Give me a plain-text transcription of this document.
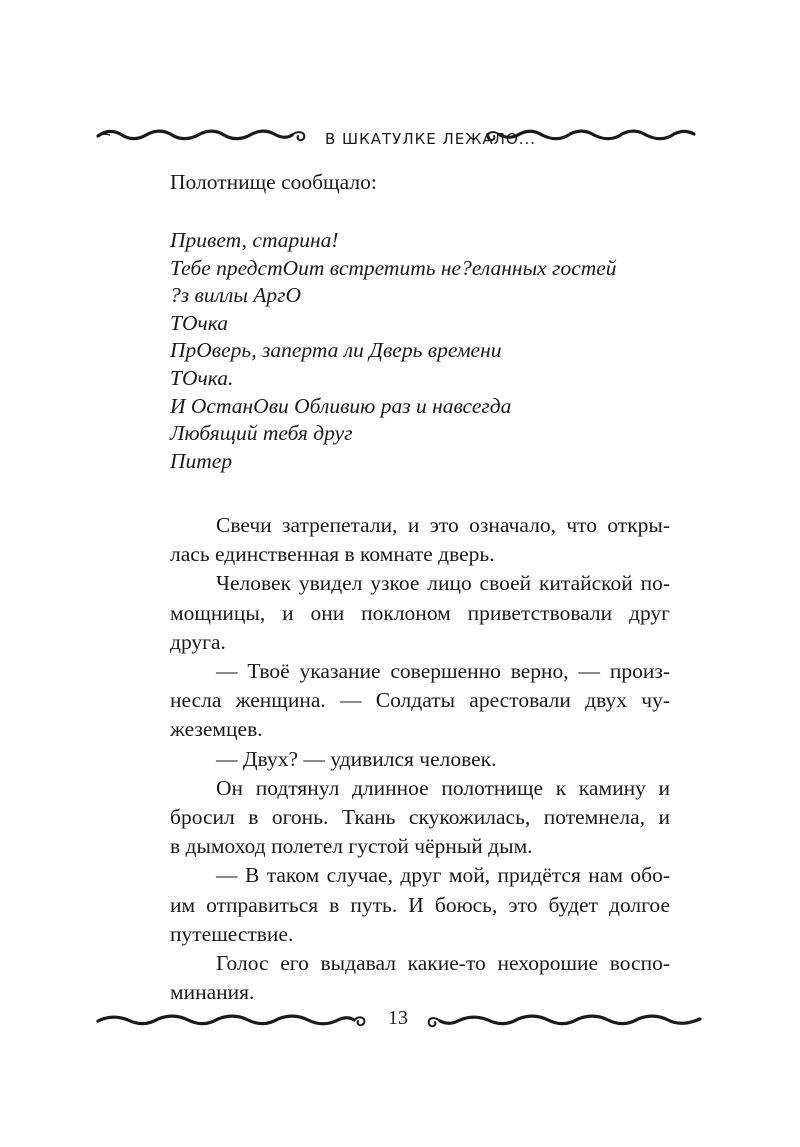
В ШКАТУЛКЕ ЛЕЖАЛО...
Полотнище сообщало:
Привет, старина!
Тебе предстОит встретить не?еланных гостей
?з виллы АргО
ТОчка
ПрОверь, заперта ли Дверь времени
ТОчка.
И ОстанОви Обливию раз и навсегда
Любящий тебя друг
Питер

Свечи затрепетали, и это означало, что откры-
лась единственная в комнате дверь.

Человек увидел узкое лицо своей китайской по-
мощницы, и они поклоном приветствовали друг
друга.

— Твоё указание совершенно верно, — произ-
несла женщина. — Солдаты арестовали двух чу-
жеземцев.

— Двух? — удивился человек.

Он подтянул длинное полотнище к камину и
бросил в огонь. Ткань скукожилась, потемнела, и
в дымоход полетел густой чёрный дым.

— В таком случае, друг мой, придётся нам обо-
им отправиться в путь. И боюсь, это будет долгое
путешествие.

Голос его выдавал какие-то нехорошие воспо-
минания.

13
